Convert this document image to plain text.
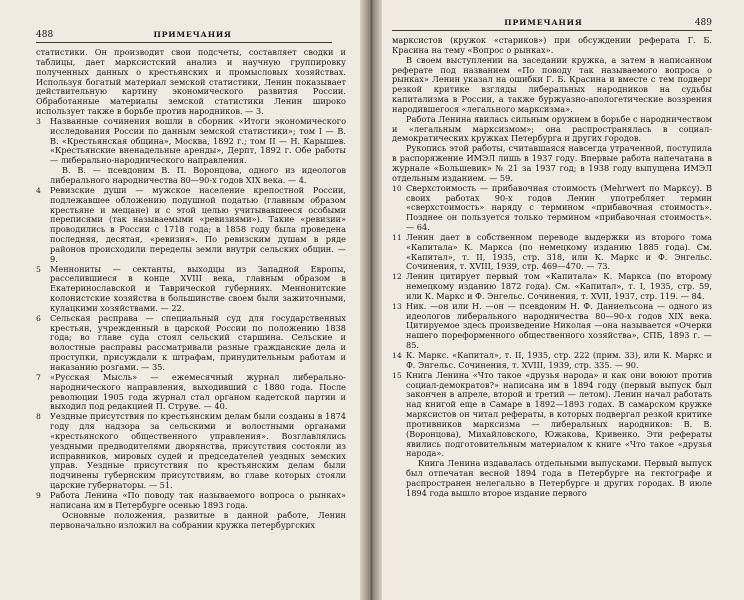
488	ПРИМЕЧАНИЯ

статистики. Он производит свои подсчеты, составляет сводки и таблицы, дает марксистский анализ и научную группировку полученных данных о крестьянских и промысловых хозяйствах. Используя богатый материал земской статистики, Ленин показывает действительную картину экономического развития России. Обработанные материалы земской статистики Ленин широко использует также в борьбе против народников. — 3.

3 Названные сочинения вошли в сборник «Итоги экономического исследования России по данным земской статистики»; том I — В. В. «Крестьянская община», Москва, 1892 г.; том II — Н. Карышев. «Крестьянские вненадельные аренды», Дерпт, 1892 г. Обе работы — либерально-народнического направления.

В. В. — псевдоним В. П. Воронцова, одного из идеологов либерального народничества 80—90-х годов XIX века. — 4.

4 Ревизские души — мужское население крепостной России, подлежавшее обложению подушной податью (главным образом крестьяне и мещане) и с этой целью учитывавшееся особыми переписями (так называемыми «ревизиями»). Такие «ревизии» проводились в России с 1718 года; в 1858 году была проведена последняя, десятая, «ревизия». По ревизским душам в ряде районов происходили переделы земли внутри сельских общин. — 9.

5 Меннониты — сектанты, выходцы из Западной Европы, расселившиеся в конце XVIII века, главным образом в Екатеринославской и Таврической губерниях. Меннонитские колонистские хозяйства в большинстве своем были зажиточными, кулацкими хозяйствами. — 22.

6 Сельская расправа — специальный суд для государственных крестьян, учрежденный в царской России по положению 1838 года; во главе суда стоял сельский старшина. Сельские и волостные расправы рассматривали разные гражданские дела и проступки, присуждали к штрафам, принудительным работам и наказанию розгами. — 35.

7 «Русская Мысль» — ежемесячный журнал либерально-народнического направления, выходивший с 1880 года. После революции 1905 года журнал стал органом кадетской партии и выходил под редакцией П. Струве. — 40.

8 Уездные присутствия по крестьянским делам были созданы в 1874 году для надзора за сельскими и волостными органами «крестьянского общественного управления». Возглавлялись уездными предводителями дворянства, присутствия состояли из исправников, мировых судей и председателей уездных земских управ. Уездные присутствия по крестьянским делам были подчинены губернским присутствиям, во главе которых стояли царские губернаторы. — 51.

9 Работа Ленина «По поводу так называемого вопроса о рынках» написана им в Петербурге осенью 1893 года.

Основные положения, развитые в данной работе, Ленин первоначально изложил на собрании кружка петербургских

ПРИМЕЧАНИЯ	489

марксистов (кружок «стариков») при обсуждении реферата Г. Б. Красина на тему «Вопрос о рынках».

В своем выступлении на заседании кружка, а затем в написанном реферате под названием «По поводу так называемого вопроса о рынках» Ленин указал на ошибки Г. Б. Красина и вместе с тем подверг резкой критике взгляды либеральных народников на судьбы капитализма в России, а также буржуазно-апологетические воззрения народившегося «легального марксизма».

Работа Ленина явилась сильным оружием в борьбе с народничеством и «легальным марксизмом»; она распространялась в социал-демократических кружках Петербурга и других городов.

Рукопись этой работы, считавшаяся навсегда утраченной, поступила в распоряжение ИМЭЛ лишь в 1937 году. Впервые работа напечатана в журнале «Большевик» № 21 за 1937 год; в 1938 году выпущена ИМЭЛ отдельным изданием. — 59.

10 Сверхстоимость — прибавочная стоимость (Mehrwert по Марксу). В своих работах 90-х годов Ленин употребляет термин «сверхстоимость» наряду с термином «прибавочная стоимость». Позднее он пользуется только термином «прибавочная стоимость». — 64.

11 Ленин дает в собственном переводе выдержки из второго тома «Капитала» К. Маркса (по немецкому изданию 1885 года). См. «Капитал», т. II, 1935, стр. 318, или К. Маркс и Ф. Энгельс. Сочинения, т. XVIII, 1939, стр. 469—470. — 73.

12 Ленин цитирует первый том «Капитала» К. Маркса (по второму немецкому изданию 1872 года). См. «Капитал», т. I, 1935, стр. 59, или К. Маркс и Ф. Энгельс. Сочинения, т. XVII, 1937, стр. 119. — 84.

13 Ник. —он или Н. —он — псевдоним Н. Ф. Даниельсона — одного из идеологов либерального народничества 80—90-х годов XIX века. Цитируемое здесь произведение Николая —она называется «Очерки нашего пореформенного общественного хозяйства», СПБ, 1893 г. — 85.

14 К. Маркс. «Капитал», т. II, 1935, стр. 222 (прим. 33), или К. Маркс и Ф. Энгельс. Сочинения, т. XVIII, 1939, стр. 335. — 90.

15 Книга Ленина «Что такое «друзья народа» и как они воюют против социал-демократов?» написана им в 1894 году (первый выпуск был закончен в апреле, второй и третий — летом). Ленин начал работать над книгой еще в Самаре в 1892—1893 годах. В самарском кружке марксистов он читал рефераты, в которых подвергал резкой критике противников марксизма — либеральных народников: В. В. (Воронцова), Михайловского, Южакова, Кривенко. Эти рефераты явились подготовительным материалом к книге «Что такое «друзья народа».

Книга Ленина издавалась отдельными выпусками. Первый выпуск был отпечатан весной 1894 года в Петербурге на гектографе и распространен нелегально в Петербурге и других городах. В июле 1894 года вышло второе издание первого
